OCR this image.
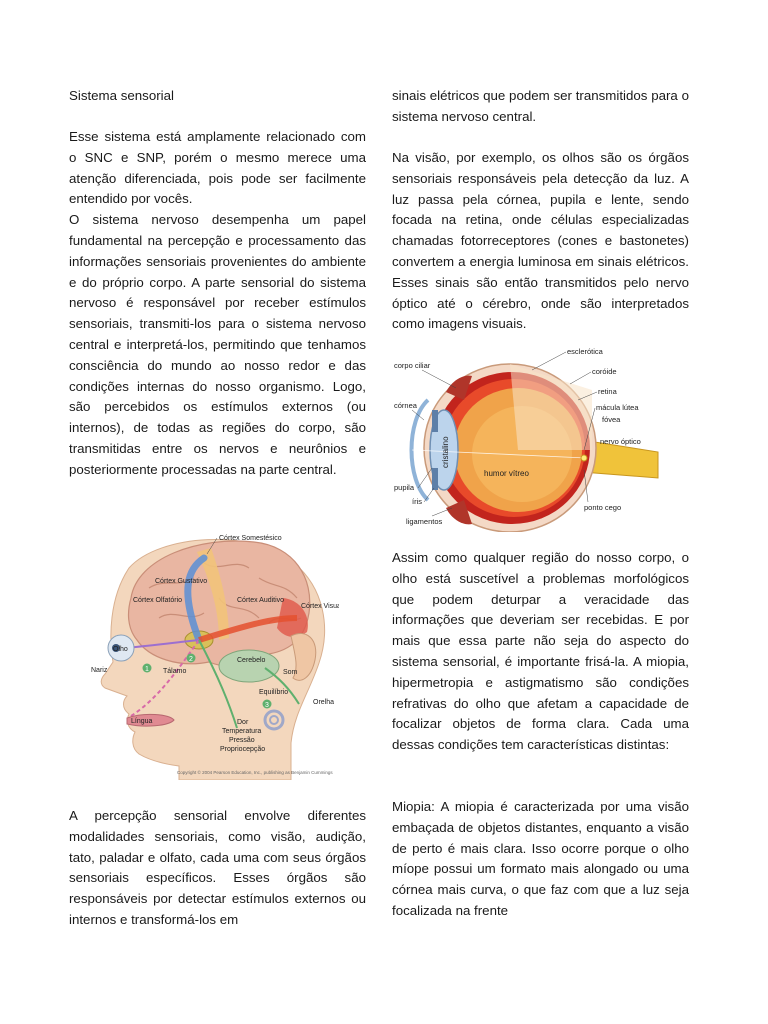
Sistema sensorial

Esse sistema está amplamente relacionado com o SNC e SNP, porém o mesmo merece uma atenção diferenciada, pois pode ser facilmente entendido por vocês.

O sistema nervoso desempenha um papel fundamental na percepção e processamento das informações sensoriais provenientes do ambiente e do próprio corpo. A parte sensorial do sistema nervoso é responsável por receber estímulos sensoriais, transmiti-los para o sistema nervoso central e interpretá-los, permitindo que tenhamos consciência do mundo ao nosso redor e das condições internas do nosso organismo. Logo, são percebidos os estímulos externos (ou internos), de todas as regiões do corpo, são transmitidas entre os nervos e neurônios e posteriormente processadas na parte central.

Córtex Somestésico
Córtex Gustativo
Córtex Olfatório	Córtex Auditivo
Córtex Visual
Olho
Nariz	Tálamo
Cerebelo
Som
Equilíbrio
Orelha
Língua	Dor
Temperatura
Pressão
Propriocepção
1
2
3
Copyright © 2004 Pearson Education, Inc., publishing as Benjamin Cummings
A percepção sensorial envolve diferentes modalidades sensoriais, como visão, audição, tato, paladar e olfato, cada uma com seus órgãos sensoriais específicos. Esses órgãos são responsáveis por detectar estímulos externos ou internos e transformá-los em
sinais elétricos que podem ser transmitidos para o sistema nervoso central.
Na visão, por exemplo, os olhos são os órgãos sensoriais responsáveis pela detecção da luz. A luz passa pela córnea, pupila e lente, sendo focada na retina, onde células especializadas chamadas fotorreceptores (cones e bastonetes) convertem a energia luminosa em sinais elétricos. Esses sinais são então transmitidos pelo nervo óptico até o cérebro, onde são interpretados como imagens visuais.
cristalino
humor vítreo
esclerótica
corpo ciliar
coróide
retina
córnea	mácula lútea
fóvea
nervo óptico
pupila
íris
ponto cego
ligamentos
Assim como qualquer região do nosso corpo, o olho está suscetível a problemas morfológicos que podem deturpar a veracidade das informações que deveriam ser recebidas. E por mais que essa parte não seja do aspecto do sistema sensorial, é importante frisá-la. A miopia, hipermetropia e astigmatismo são condições refrativas do olho que afetam a capacidade de focalizar objetos de forma clara. Cada uma dessas condições tem características distintas:
Miopia: A miopia é caracterizada por uma visão embaçada de objetos distantes, enquanto a visão de perto é mais clara. Isso ocorre porque o olho míope possui um formato mais alongado ou uma córnea mais curva, o que faz com que a luz seja focalizada na frente
